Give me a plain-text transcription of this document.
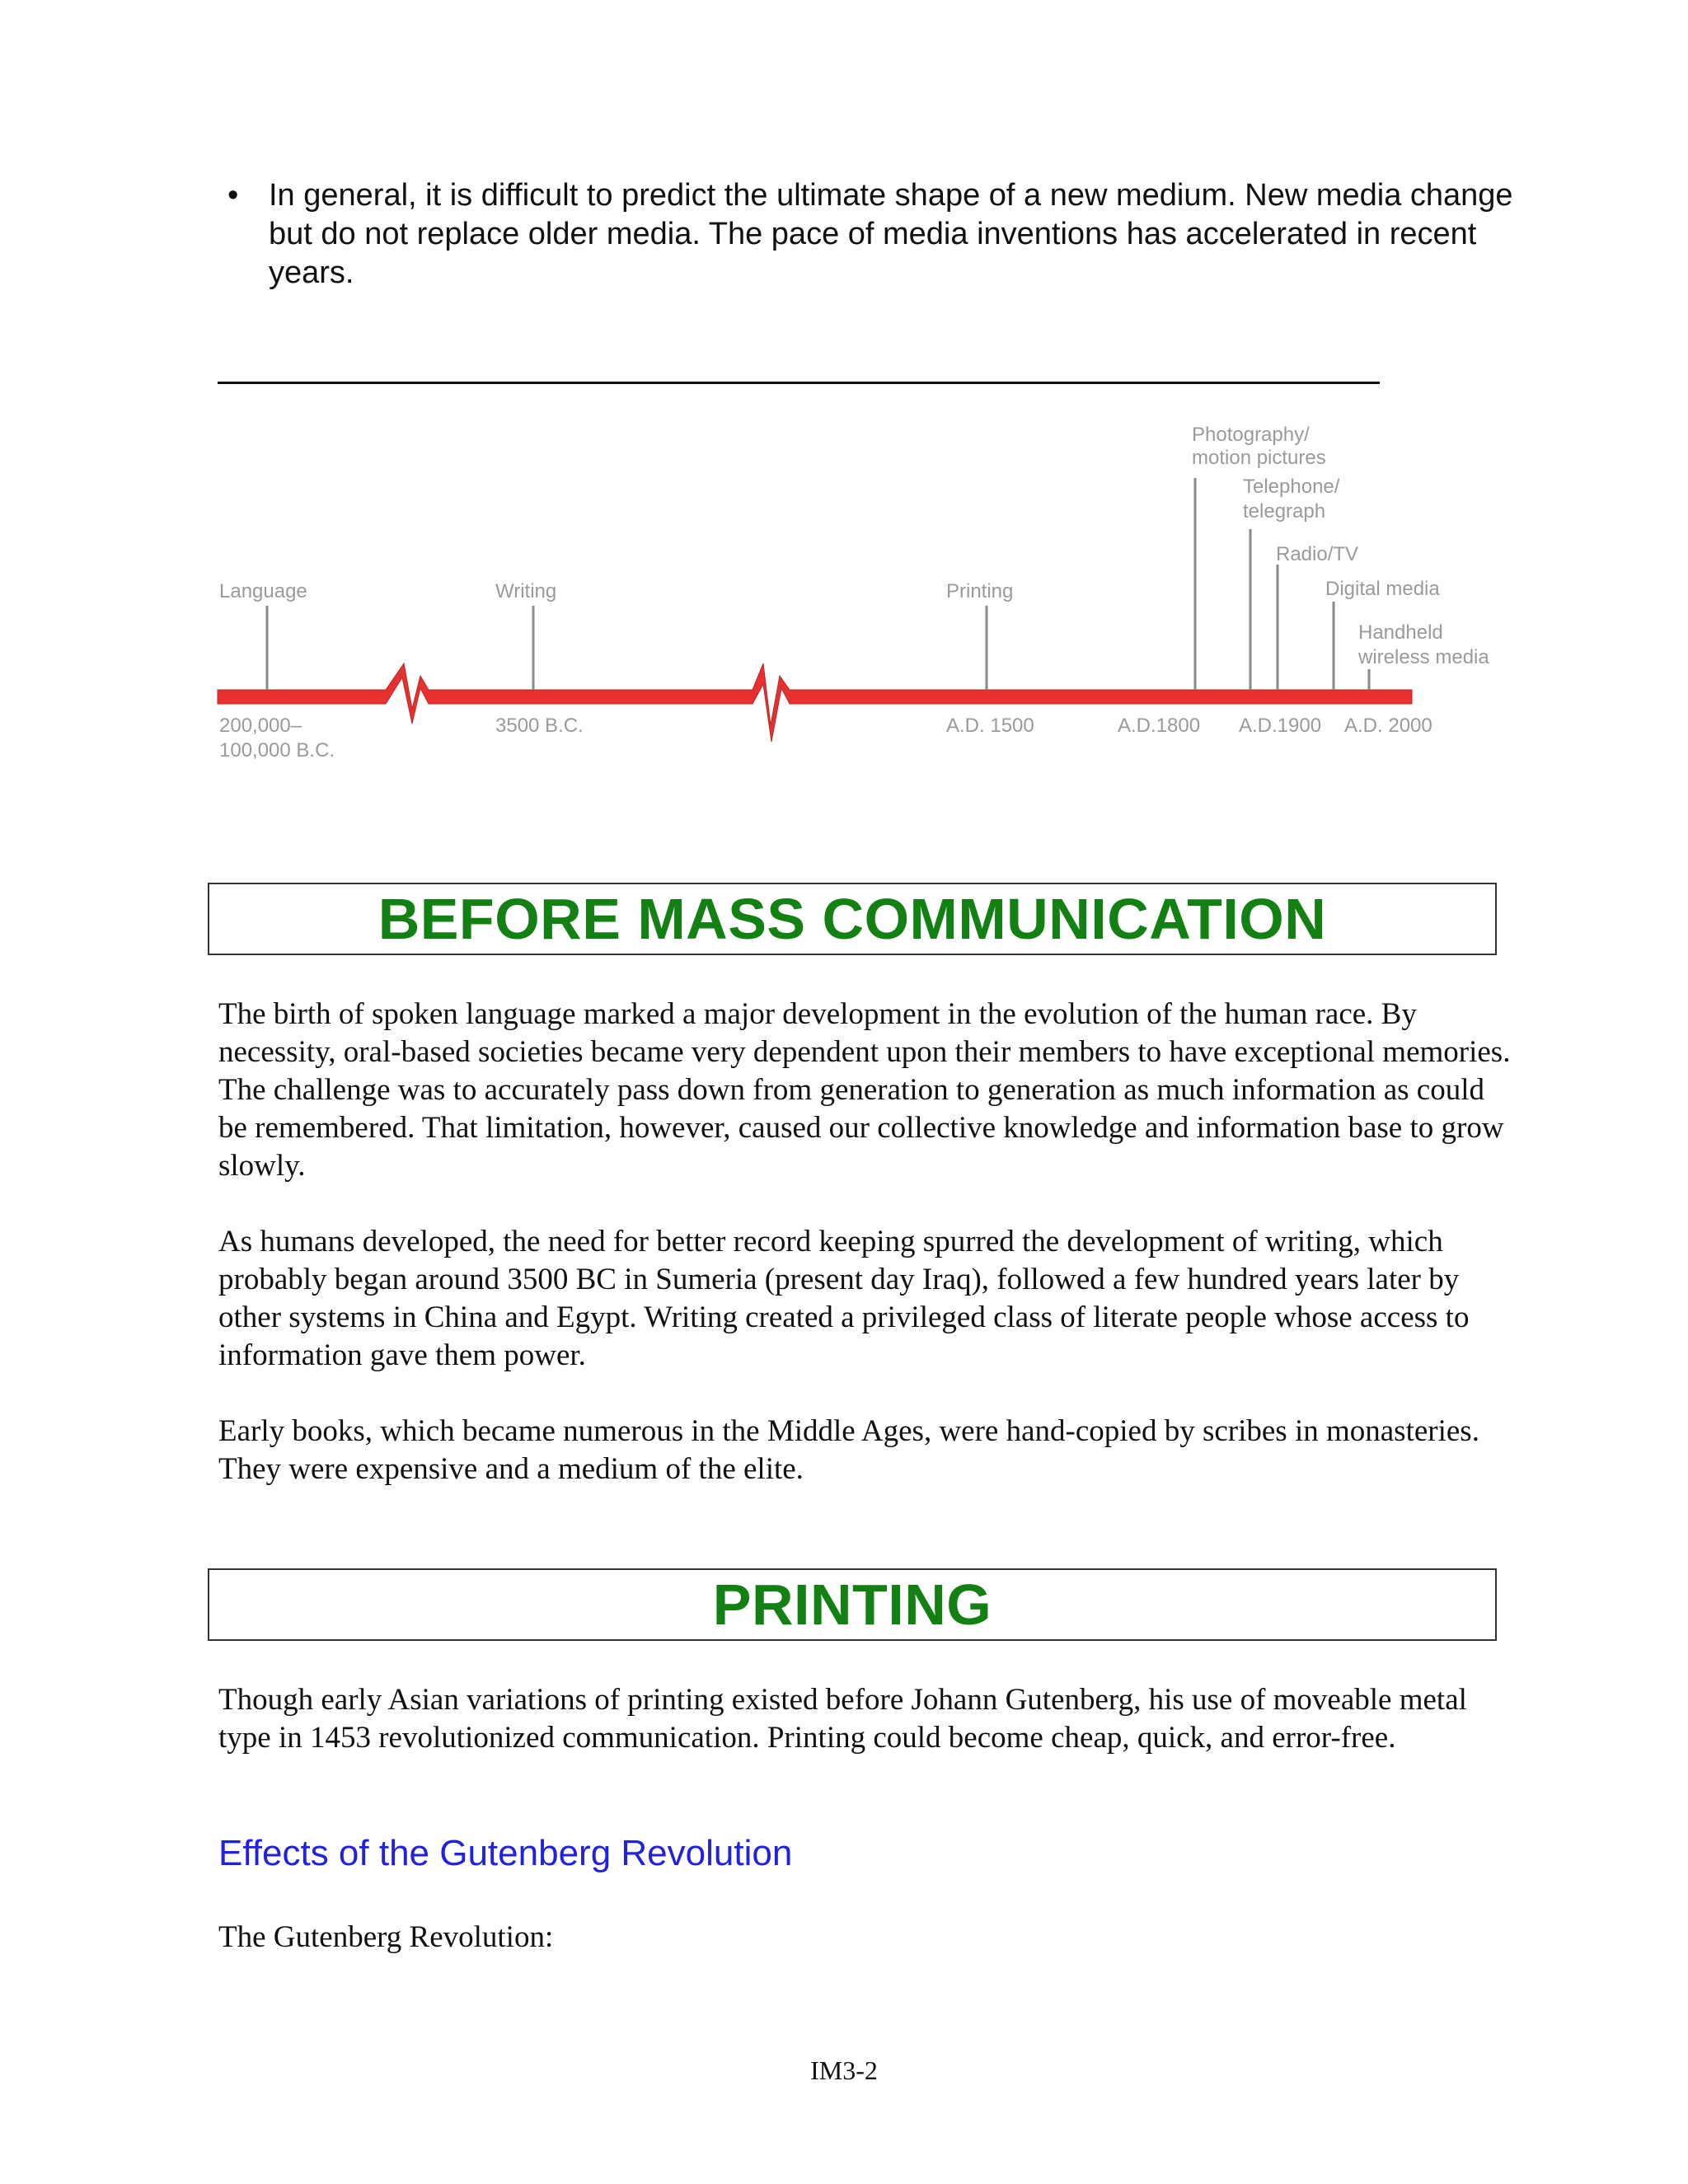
• In general, it is difficult to predict the ultimate shape of a new medium. New media change but do not replace older media. The pace of media inventions has accelerated in recent years.
Language	Writing	Printing
Photography/
motion pictures
Telephone/
telegraph
Radio/TV
Digital media
Handheld
wireless media
200,000–
100,000 B.C.
3500 B.C.	A.D. 1500	A.D.1800 A.D.1900 A.D. 2000
BEFORE MASS COMMUNICATION

The birth of spoken language marked a major development in the evolution of the human race. By necessity, oral-based societies became very dependent upon their members to have exceptional memories. The challenge was to accurately pass down from generation to generation as much information as could be remembered. That limitation, however, caused our collective knowledge and information base to grow slowly.

As humans developed, the need for better record keeping spurred the development of writing, which probably began around 3500 BC in Sumeria (present day Iraq), followed a few hundred years later by other systems in China and Egypt. Writing created a privileged class of literate people whose access to information gave them power.

Early books, which became numerous in the Middle Ages, were hand-copied by scribes in monasteries. They were expensive and a medium of the elite.

PRINTING

Though early Asian variations of printing existed before Johann Gutenberg, his use of moveable metal type in 1453 revolutionized communication. Printing could become cheap, quick, and error-free.

Effects of the Gutenberg Revolution

The Gutenberg Revolution:

IM3-2
